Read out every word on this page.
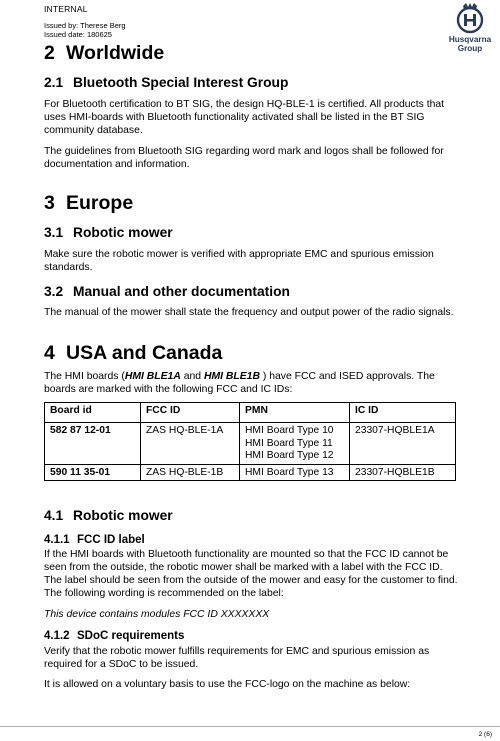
INTERNAL
Issued by: Therese Berg
Issued date: 180625
Husqvarna
Group
2 Worldwide
2.1 Bluetooth Special Interest Group
For Bluetooth certification to BT SIG, the design HQ-BLE-1 is certified. All products that uses HMI-boards with Bluetooth functionality activated shall be listed in the BT SIG community database.
The guidelines from Bluetooth SIG regarding word mark and logos shall be followed for documentation and information.
3 Europe
3.1 Robotic mower
Make sure the robotic mower is verified with appropriate EMC and spurious emission standards.
3.2 Manual and other documentation
The manual of the mower shall state the frequency and output power of the radio signals.
4 USA and Canada
The HMI boards (HMI BLE1A and HMI BLE1B ) have FCC and ISED approvals. The boards are marked with the following FCC and IC IDs:
Board id	FCC ID	PMN	IC ID
582 87 12-01	ZAS HQ-BLE-1A	HMI Board Type 10
HMI Board Type 11
HMI Board Type 12	23307-HQBLE1A
590 11 35-01	ZAS HQ-BLE-1B	HMI Board Type 13	23307-HQBLE1B
4.1 Robotic mower
4.1.1 FCC ID label
If the HMI boards with Bluetooth functionality are mounted so that the FCC ID cannot be seen from the outside, the robotic mower shall be marked with a label with the FCC ID. The label should be seen from the outside of the mower and easy for the customer to find. The following wording is recommended on the label:
This device contains modules FCC ID XXXXXXX
4.1.2 SDoC requirements
Verify that the robotic mower fulfills requirements for EMC and spurious emission as required for a SDoC to be issued.
It is allowed on a voluntary basis to use the FCC-logo on the machine as below:
2 (6)
